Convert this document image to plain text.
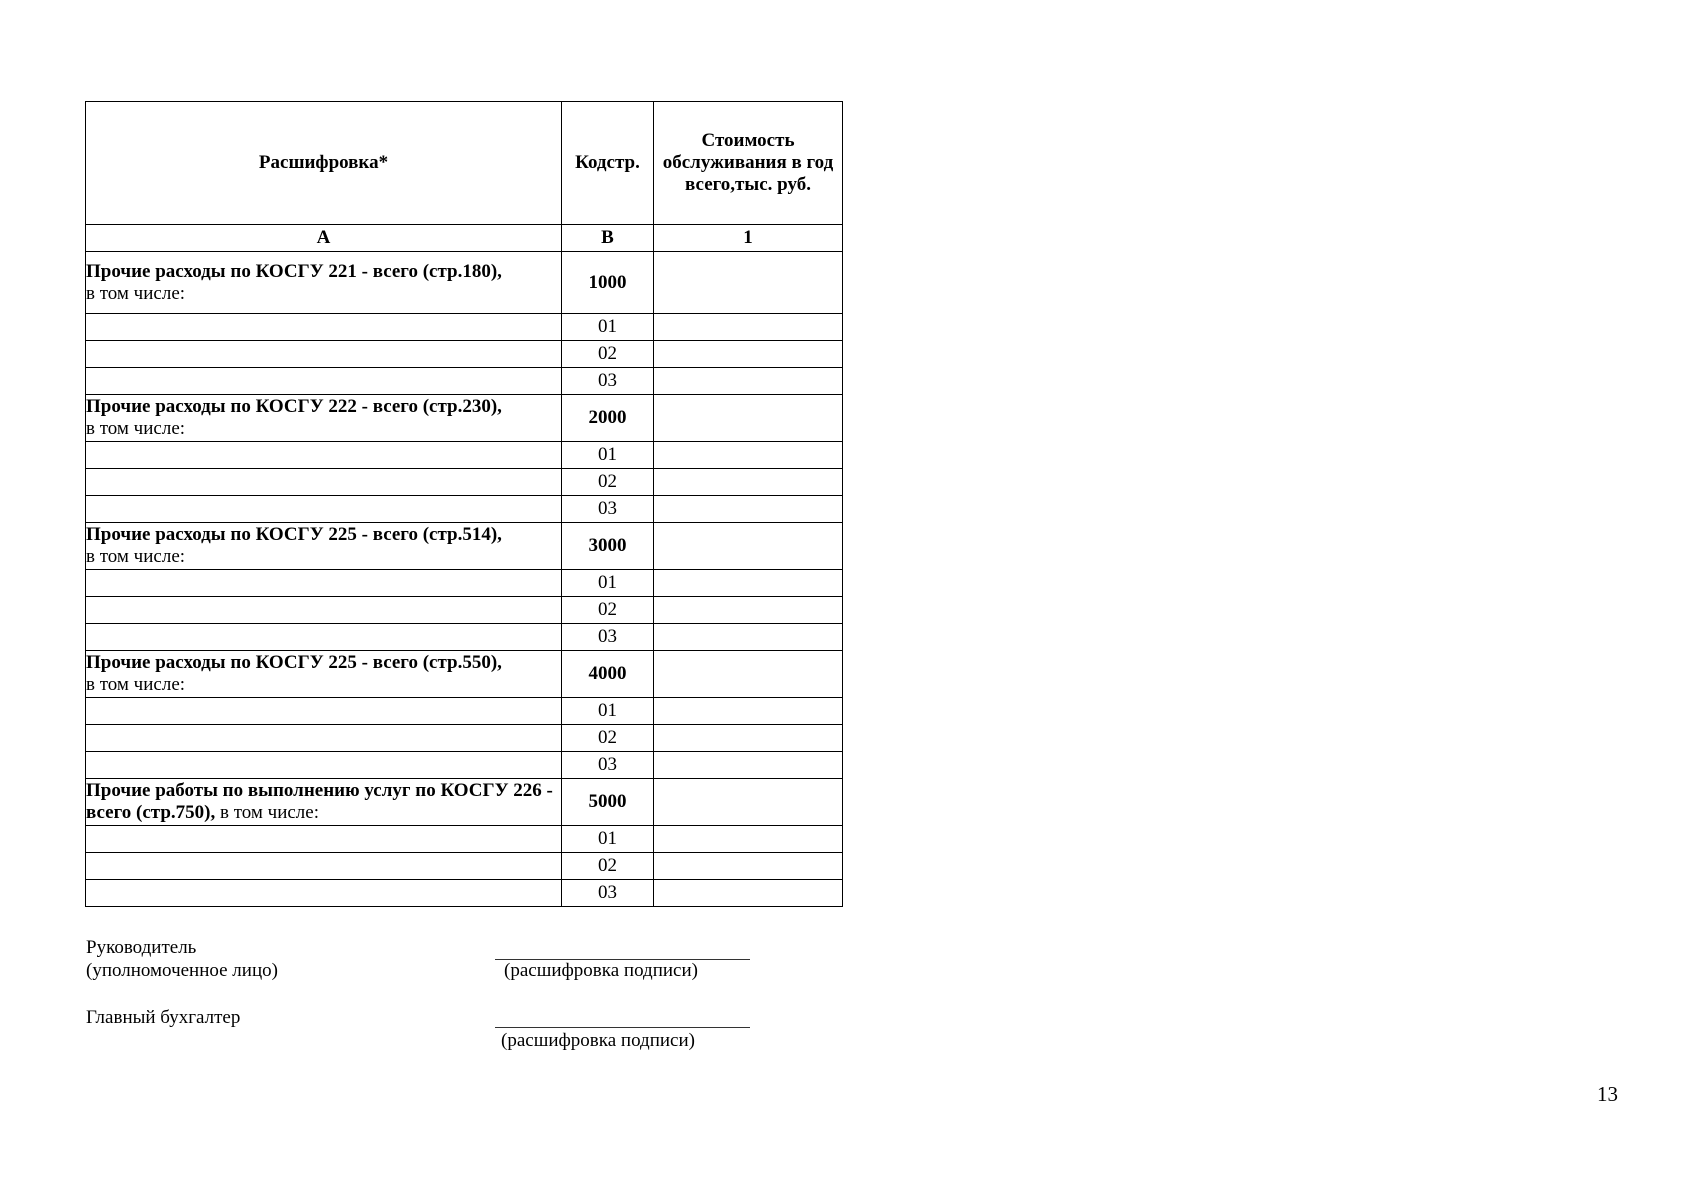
Расшифровка*	Кодстр.	Стоимость обслуживания в год всего,тыс. руб.
А	В	1
Прочие расходы по КОСГУ 221 - всего (стр.180),
в том числе:	1000	
	01	
	02	
	03	
Прочие расходы по КОСГУ 222 - всего (стр.230),
в том числе:	2000	
	01	
	02	
	03	
Прочие расходы по КОСГУ 225 - всего (стр.514),
в том числе:	3000	
	01	
	02	
	03	
Прочие расходы по КОСГУ 225 - всего (стр.550),
в том числе:	4000	
	01	
	02	
	03	
Прочие работы по выполнению услуг по КОСГУ 226 - всего (стр.750), в том числе:	5000	
	01	
	02	
	03	
Руководитель
(уполномоченное лицо)	(расшифровка подписи)
Главный бухгалтер
(расшифровка подписи)
13
